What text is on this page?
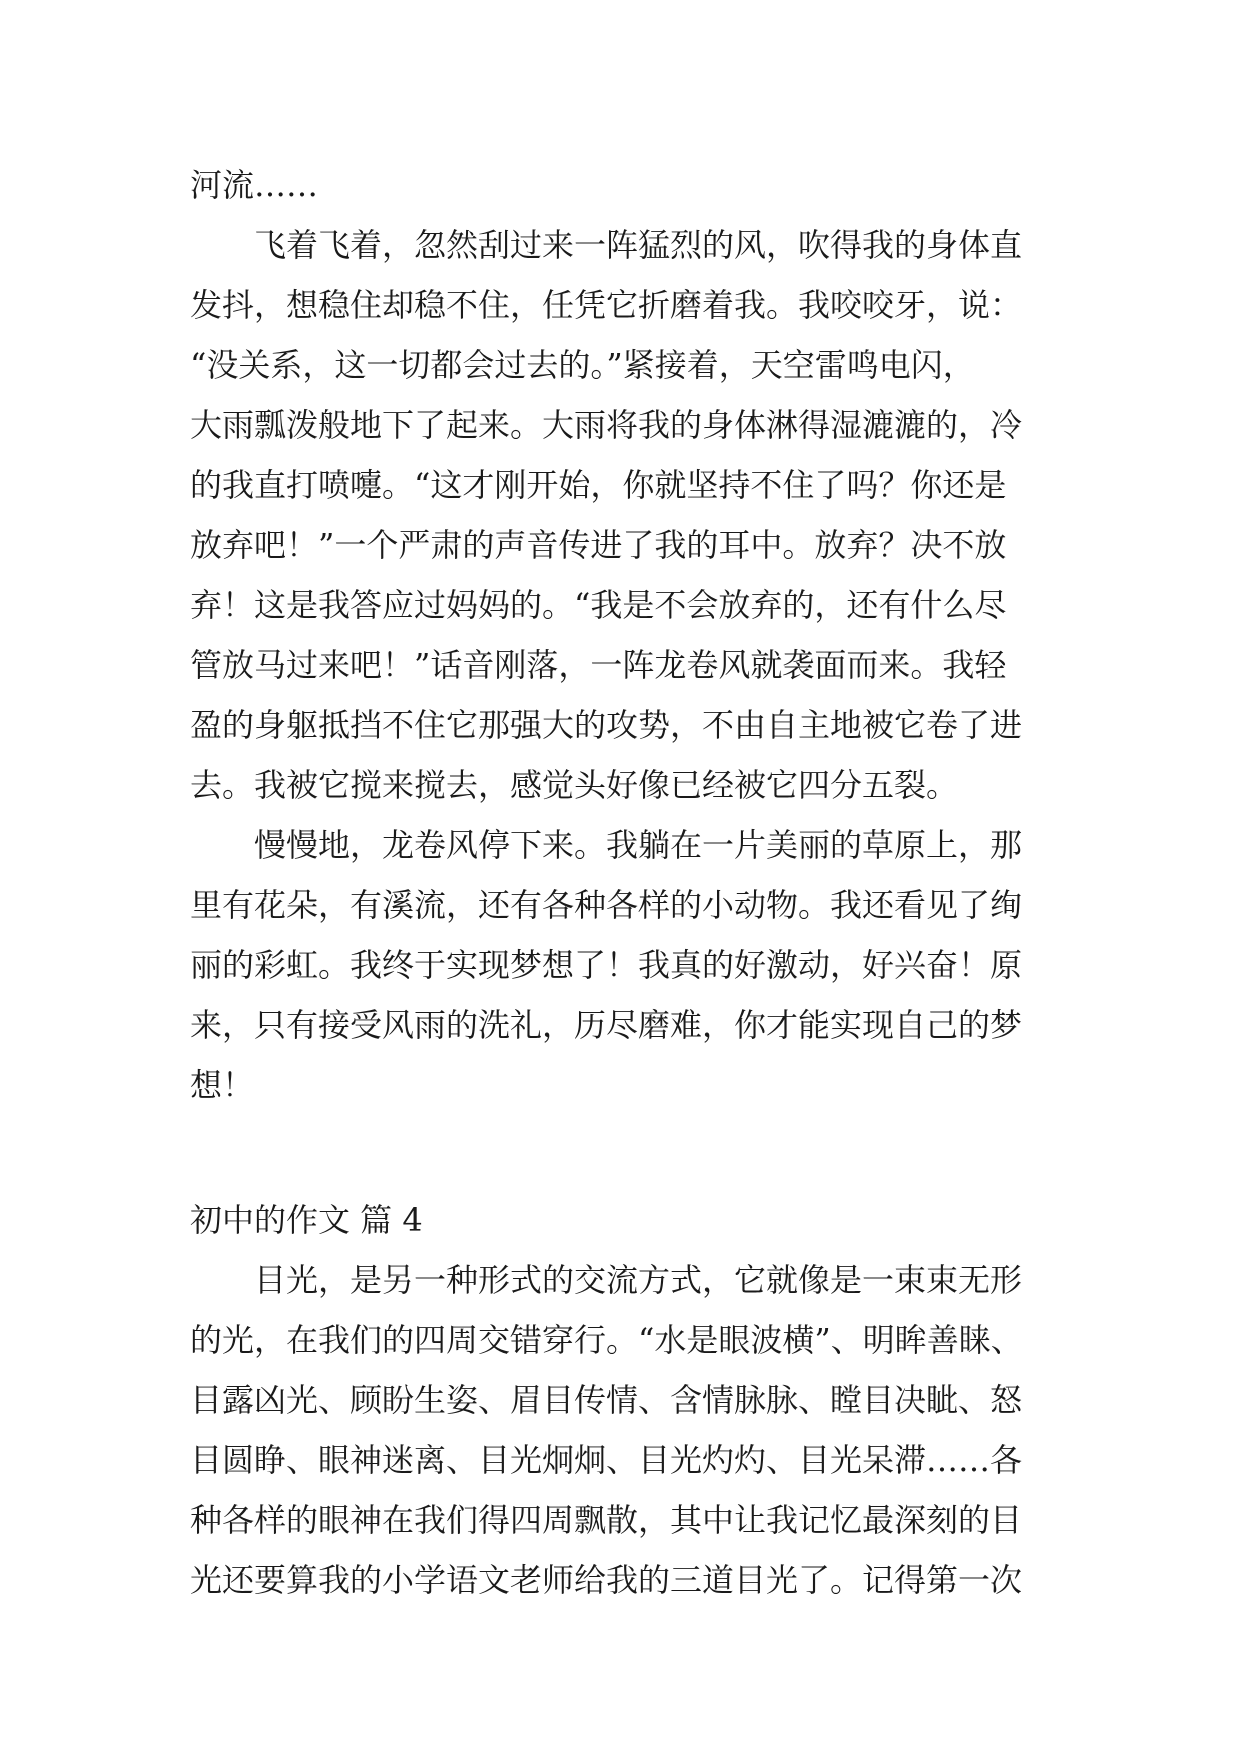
河流……
飞着飞着，忽然刮过来一阵猛烈的风，吹得我的身体直
发抖，想稳住却稳不住，任凭它折磨着我。我咬咬牙，说：
“没关系，这一切都会过去的。”紧接着，天空雷鸣电闪，
大雨瓢泼般地下了起来。大雨将我的身体淋得湿漉漉的，冷
的我直打喷嚏。“这才刚开始，你就坚持不住了吗？你还是
放弃吧！”一个严肃的声音传进了我的耳中。放弃？决不放
弃！这是我答应过妈妈的。“我是不会放弃的，还有什么尽
管放马过来吧！”话音刚落，一阵龙卷风就袭面而来。我轻
盈的身躯抵挡不住它那强大的攻势，不由自主地被它卷了进
去。我被它搅来搅去，感觉头好像已经被它四分五裂。
慢慢地，龙卷风停下来。我躺在一片美丽的草原上，那
里有花朵，有溪流，还有各种各样的小动物。我还看见了绚
丽的彩虹。我终于实现梦想了！我真的好激动，好兴奋！原
来，只有接受风雨的洗礼，历尽磨难，你才能实现自己的梦
想！
初中的作文 篇 4
目光，是另一种形式的交流方式，它就像是一束束无形
的光，在我们的四周交错穿行。“水是眼波横”、明眸善睐、
目露凶光、顾盼生姿、眉目传情、含情脉脉、瞠目决眦、怒
目圆睁、眼神迷离、目光炯炯、目光灼灼、目光呆滞……各
种各样的眼神在我们得四周飘散，其中让我记忆最深刻的目
光还要算我的小学语文老师给我的三道目光了。记得第一次
